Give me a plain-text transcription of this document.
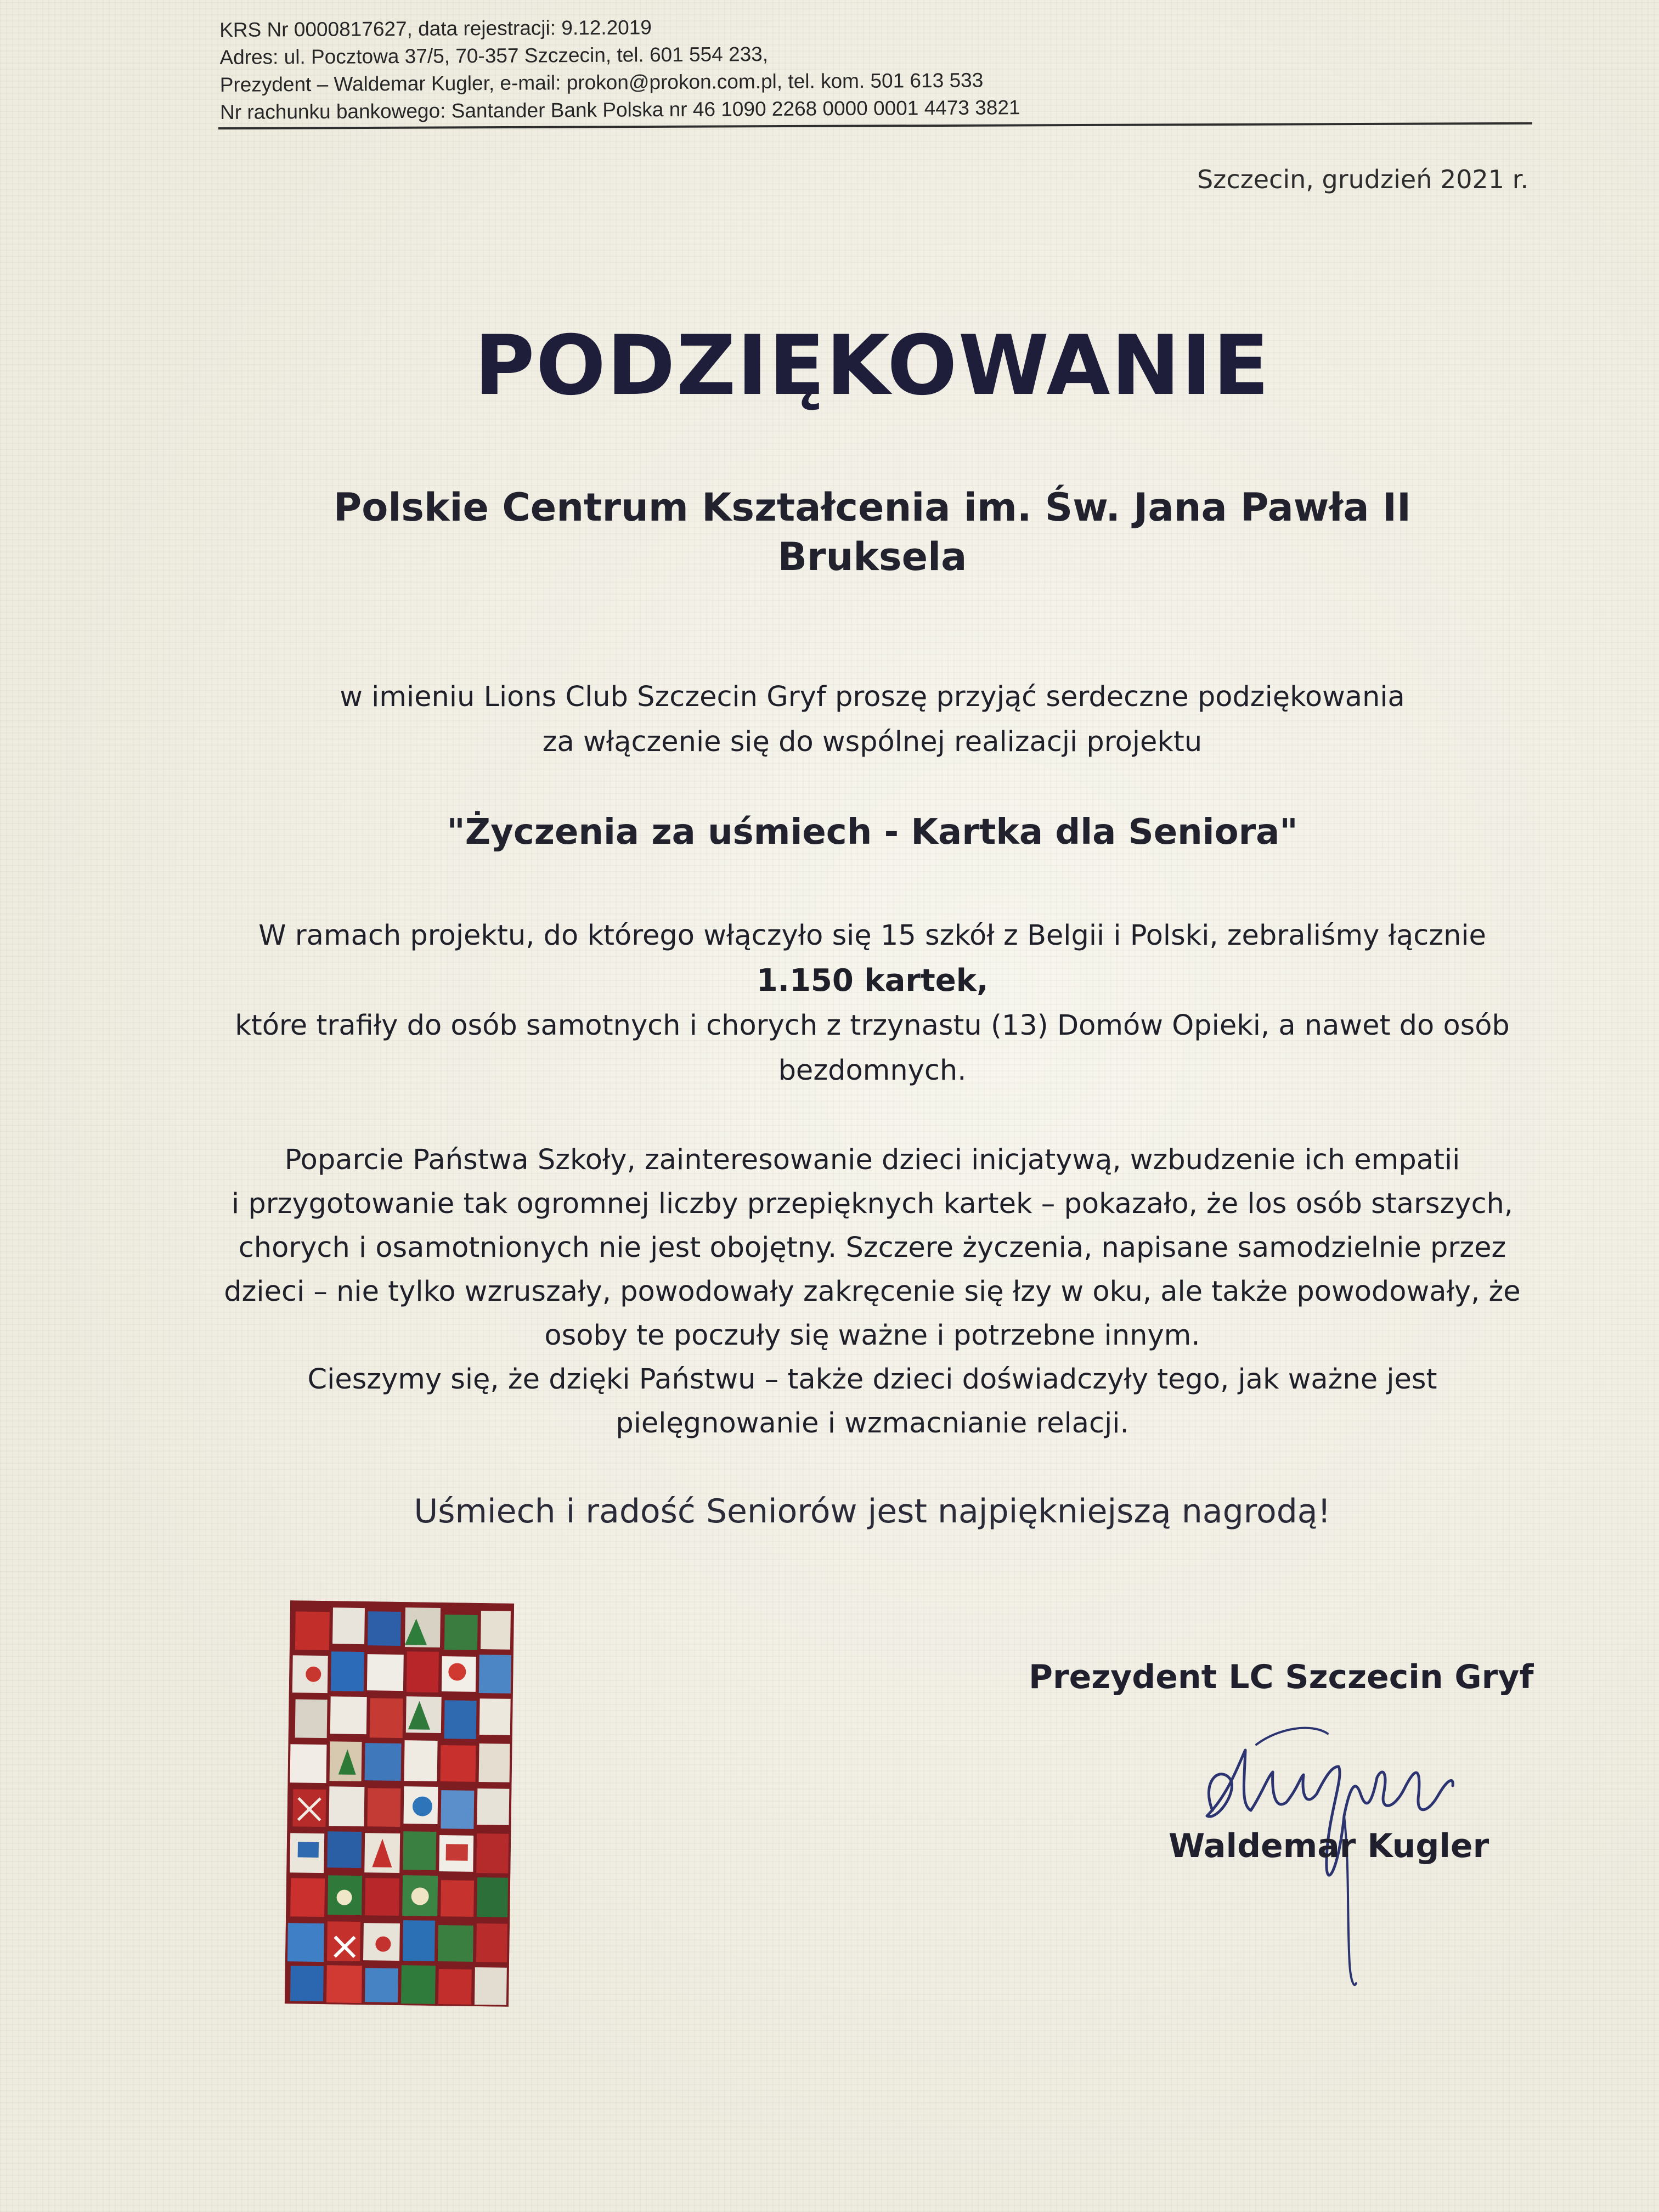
KRS Nr 0000817627, data rejestracji: 9.12.2019
Adres: ul. Pocztowa 37/5, 70-357 Szczecin, tel. 601 554 233,
Prezydent – Waldemar Kugler, e-mail: prokon@prokon.com.pl, tel. kom. 501 613 533
Nr rachunku bankowego: Santander Bank Polska nr 46 1090 2268 0000 0001 4473 3821
Szczecin, grudzień 2021 r.
PODZIĘKOWANIE
Polskie Centrum Kształcenia im. Św. Jana Pawła II
Bruksela
w imieniu Lions Club Szczecin Gryf proszę przyjąć serdeczne podziękowania
za włączenie się do wspólnej realizacji projektu
"Życzenia za uśmiech - Kartka dla Seniora"
W ramach projektu, do którego włączyło się 15 szkół z Belgii i Polski, zebraliśmy łącznie
1.150 kartek,
które trafiły do osób samotnych i chorych z trzynastu (13) Domów Opieki, a nawet do osób
bezdomnych.
Poparcie Państwa Szkoły, zainteresowanie dzieci inicjatywą, wzbudzenie ich empatii
i przygotowanie tak ogromnej liczby przepięknych kartek – pokazało, że los osób starszych,
chorych i osamotnionych nie jest obojętny. Szczere życzenia, napisane samodzielnie przez
dzieci – nie tylko wzruszały, powodowały zakręcenie się łzy w oku, ale także powodowały, że
osoby te poczuły się ważne i potrzebne innym.
Cieszymy się, że dzięki Państwu – także dzieci doświadczyły tego, jak ważne jest
pielęgnowanie i wzmacnianie relacji.
Uśmiech i radość Seniorów jest najpiękniejszą nagrodą!
Prezydent LC Szczecin Gryf
Waldemar Kugler
